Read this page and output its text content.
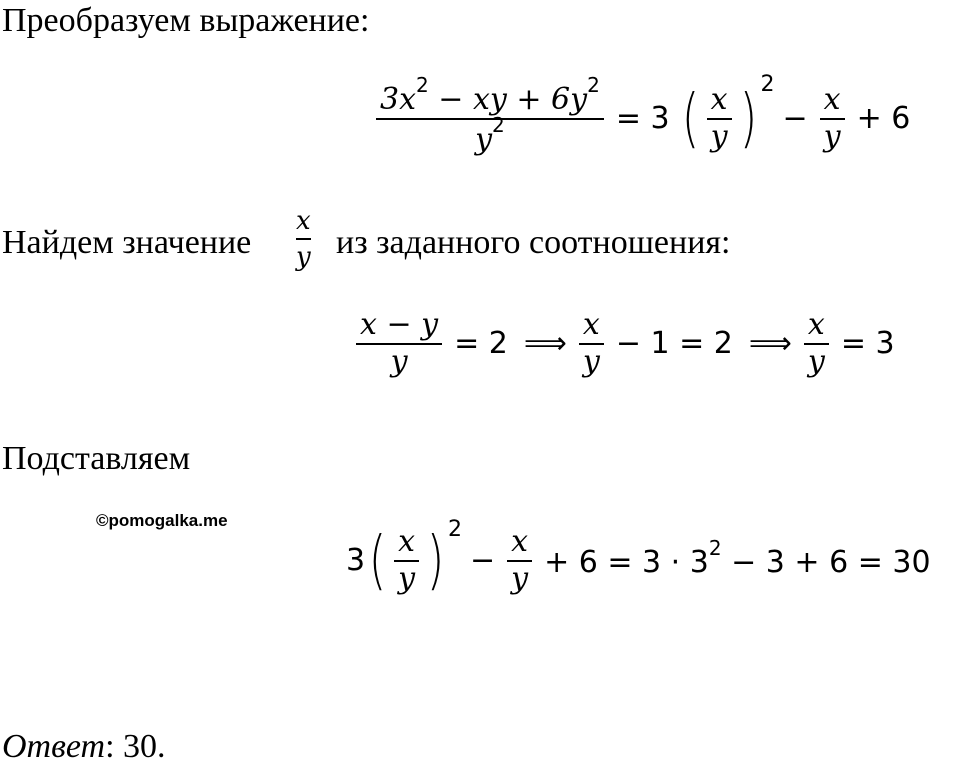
Преобразуем выражение:
$\frac{3x^2 - xy + 6y^2}{y^2} = 3$ ( $\frac{x}{y}$ ) 2
− $\frac{x}{y} + 6$
Найдем значение
x
y из заданного соотношения:
$\frac{x - y}{y} = 2$ ⟹ $\frac{x}{y} - 1 = 2$ ⟹ $\frac{x}{y} = 3$
Подставляем
©pomogalka.me
3 ( $\frac{x}{y}$ ) 2
− $\frac{x}{y} + 6 = 3 \cdot 3^2 - 3 + 6 = 30$
Ответ: 30.
